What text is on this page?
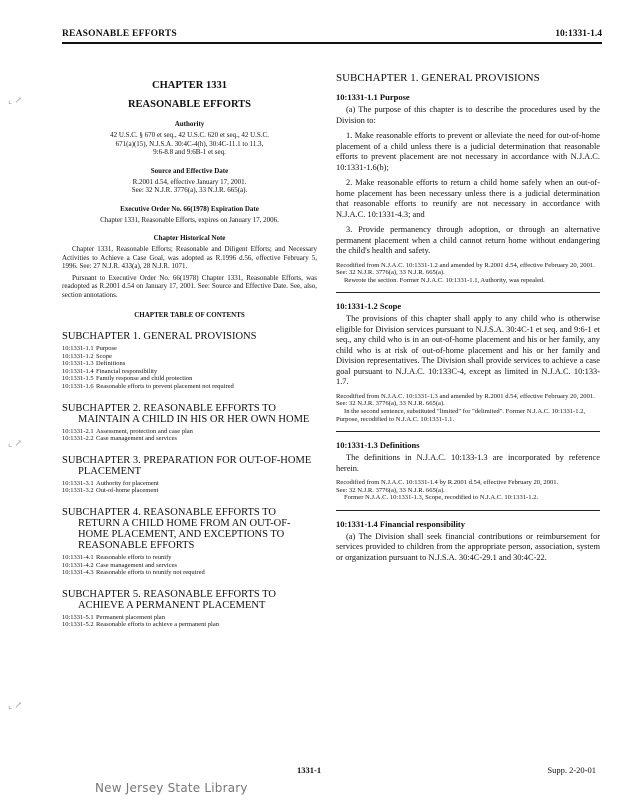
REASONABLE EFFORTS	10:1331-1.4
⌞ ↗
⌞ ↗
⌞ ↗
CHAPTER 1331
REASONABLE EFFORTS
Authority
42 U.S.C. § 670 et seq., 42 U.S.C. 620 et seq., 42 U.S.C.
671(a)(15), N.J.S.A. 30:4C-4(h), 30:4C-11.1 to 11.3,
9:6-8.8 and 9:6B-1 et seq.
Source and Effective Date
R.2001 d.54, effective January 17, 2001.
See: 32 N.J.R. 3776(a), 33 N.J.R. 665(a).
Executive Order No. 66(1978) Expiration Date
Chapter 1331, Reasonable Efforts, expires on January 17, 2006.
Chapter Historical Note
Chapter 1331, Reasonable Efforts; Reasonable and Diligent Efforts; and Necessary Activities to Achieve a Case Goal, was adopted as R.1996 d.56, effective February 5, 1996. See: 27 N.J.R. 433(a), 28 N.J.R. 1071.
Pursuant to Executive Order No. 66(1978) Chapter 1331, Reasonable Efforts, was readopted as R.2001 d.54 on January 17, 2001. See: Source and Effective Date. See, also, section annotations.
CHAPTER TABLE OF CONTENTS
SUBCHAPTER 1. GENERAL PROVISIONS
10:1331-1.1 Purpose
10:1331-1.2 Scope
10:1331-1.3 Definitions
10:1331-1.4 Financial responsibility
10:1331-1.5 Family response and child protection
10:1331-1.6 Reasonable efforts to prevent placement not required
SUBCHAPTER 2. REASONABLE EFFORTS TO
MAINTAIN A CHILD IN HIS OR HER OWN HOME
10:1331-2.1 Assessment, protection and case plan
10:1331-2.2 Case management and services
SUBCHAPTER 3. PREPARATION FOR OUT-OF-HOME
PLACEMENT
10:1331-3.1 Authority for placement
10:1331-3.2 Out-of-home placement
SUBCHAPTER 4. REASONABLE EFFORTS TO
RETURN A CHILD HOME FROM AN OUT-OF-
HOME PLACEMENT, AND EXCEPTIONS TO
REASONABLE EFFORTS
10:1331-4.1 Reasonable efforts to reunify
10:1331-4.2 Case management and services
10:1331-4.3 Reasonable efforts to reunify not required
SUBCHAPTER 5. REASONABLE EFFORTS TO
ACHIEVE A PERMANENT PLACEMENT
10:1331-5.1 Permanent placement plan
10:1331-5.2 Reasonable efforts to achieve a permanent plan
SUBCHAPTER 1. GENERAL PROVISIONS
10:1331-1.1 Purpose
(a) The purpose of this chapter is to describe the procedures used by the Division to:
1. Make reasonable efforts to prevent or alleviate the need for out-of-home placement of a child unless there is a judicial determination that reasonable efforts to prevent placement are not necessary in accordance with N.J.A.C. 10:1331-1.6(b);
2. Make reasonable efforts to return a child home safely when an out-of-home placement has been necessary unless there is a judicial determination that reasonable efforts to reunify are not necessary in accordance with N.J.A.C. 10:1331-4.3; and
3. Provide permanency through adoption, or through an alternative permanent placement when a child cannot return home without endangering the child's health and safety.
Recodified from N.J.A.C. 10:1331-1.2 and amended by R.2001 d.54, effective February 20, 2001.
See: 32 N.J.R. 3776(a), 33 N.J.R. 665(a).
Rewrote the section. Former N.J.A.C. 10:1331-1.1, Authority, was repealed.
10:1331-1.2 Scope
The provisions of this chapter shall apply to any child who is otherwise eligible for Division services pursuant to N.J.S.A. 30:4C-1 et seq. and 9:6-1 et seq., any child who is in an out-of-home placement and his or her family, any child who is at risk of out-of-home placement and his or her family and Division representatives. The Division shall provide services to achieve a case goal pursuant to N.J.A.C. 10:133C-4, except as limited in N.J.A.C. 10:133-1.7.
Recodified from N.J.A.C. 10:1331-1.3 and amended by R.2001 d.54, effective February 20, 2001.
See: 32 N.J.R. 3776(a), 33 N.J.R. 665(a).
In the second sentence, substituted "limited" for "delimited". Former N.J.A.C. 10:1331-1.2, Purpose, recodified to N.J.A.C. 10:1331-1.1.
10:1331-1.3 Definitions
The definitions in N.J.A.C. 10:133-1.3 are incorporated by reference herein.
Recodified from N.J.A.C. 10:1331-1.4 by R.2001 d.54, effective February 20, 2001.
See: 32 N.J.R. 3776(a), 33 N.J.R. 665(a).
Former N.J.A.C. 10:1331-1.3, Scope, recodified to N.J.A.C. 10:1331-1.2.
10:1331-1.4 Financial responsibility
(a) The Division shall seek financial contributions or reimbursement for services provided to children from the appropriate person, association, system or organization pursuant to N.J.S.A. 30:4C-29.1 and 30:4C-22.
1331-1	Supp. 2-20-01
New Jersey State Library
